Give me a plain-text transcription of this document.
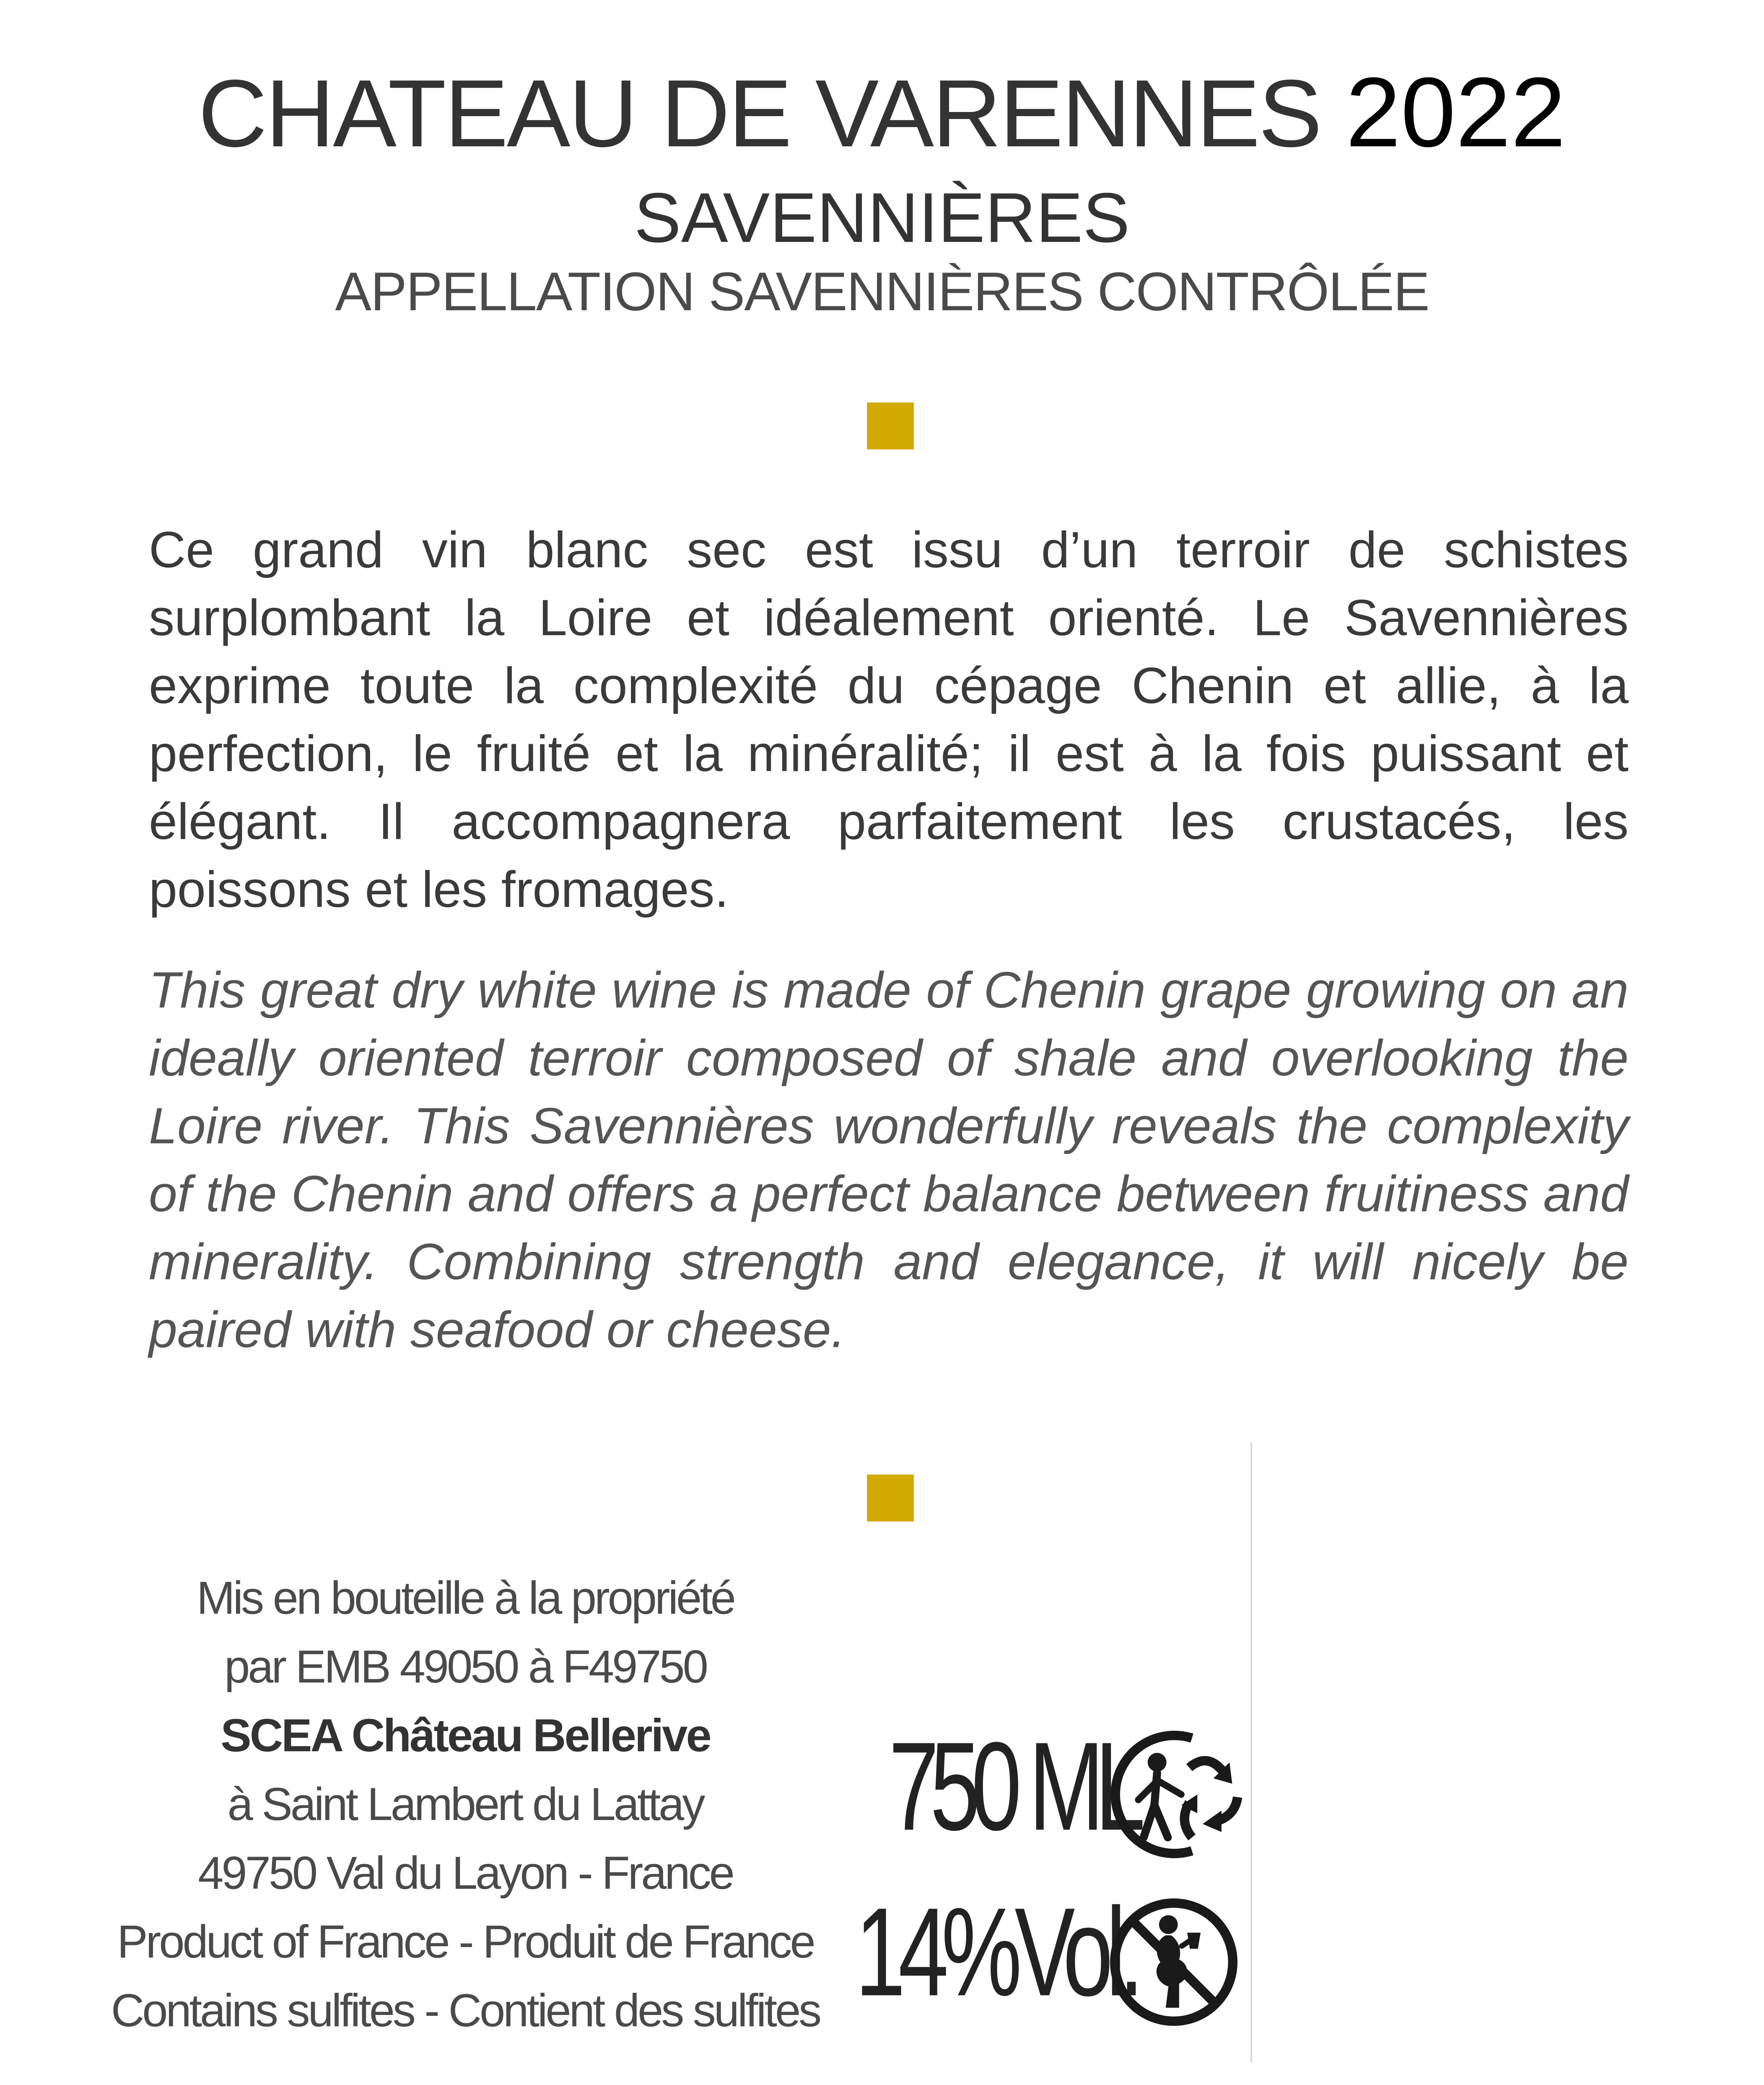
CHATEAU DE VARENNES 2022
SAVENNIÈRES
APPELLATION SAVENNIÈRES CONTRÔLÉE
Ce grand vin blanc sec est issu d’un terroir de schistes surplombant la Loire et idéalement orienté. Le Savennières exprime toute la complexité du cépage Chenin et allie, à la perfection, le fruité et la minéralité; il est à la fois puissant et élégant. Il accompagnera parfaitement les crustacés, les poissons et les fromages.
This great dry white wine is made of Chenin grape growing on an ideally oriented terroir composed of shale and overlooking the Loire river. This Savennières wonderfully reveals the complexity of the Chenin and offers a perfect balance between fruitiness and minerality. Combining strength and elegance, it will nicely be paired with seafood or cheese.
Mis en bouteille à la propriété
par EMB 49050 à F49750
SCEA Château Bellerive
à Saint Lambert du Lattay
49750 Val du Layon - France
Product of France - Produit de France
Contains sulfites - Contient des sulfites
750 ML
14%Vol.
